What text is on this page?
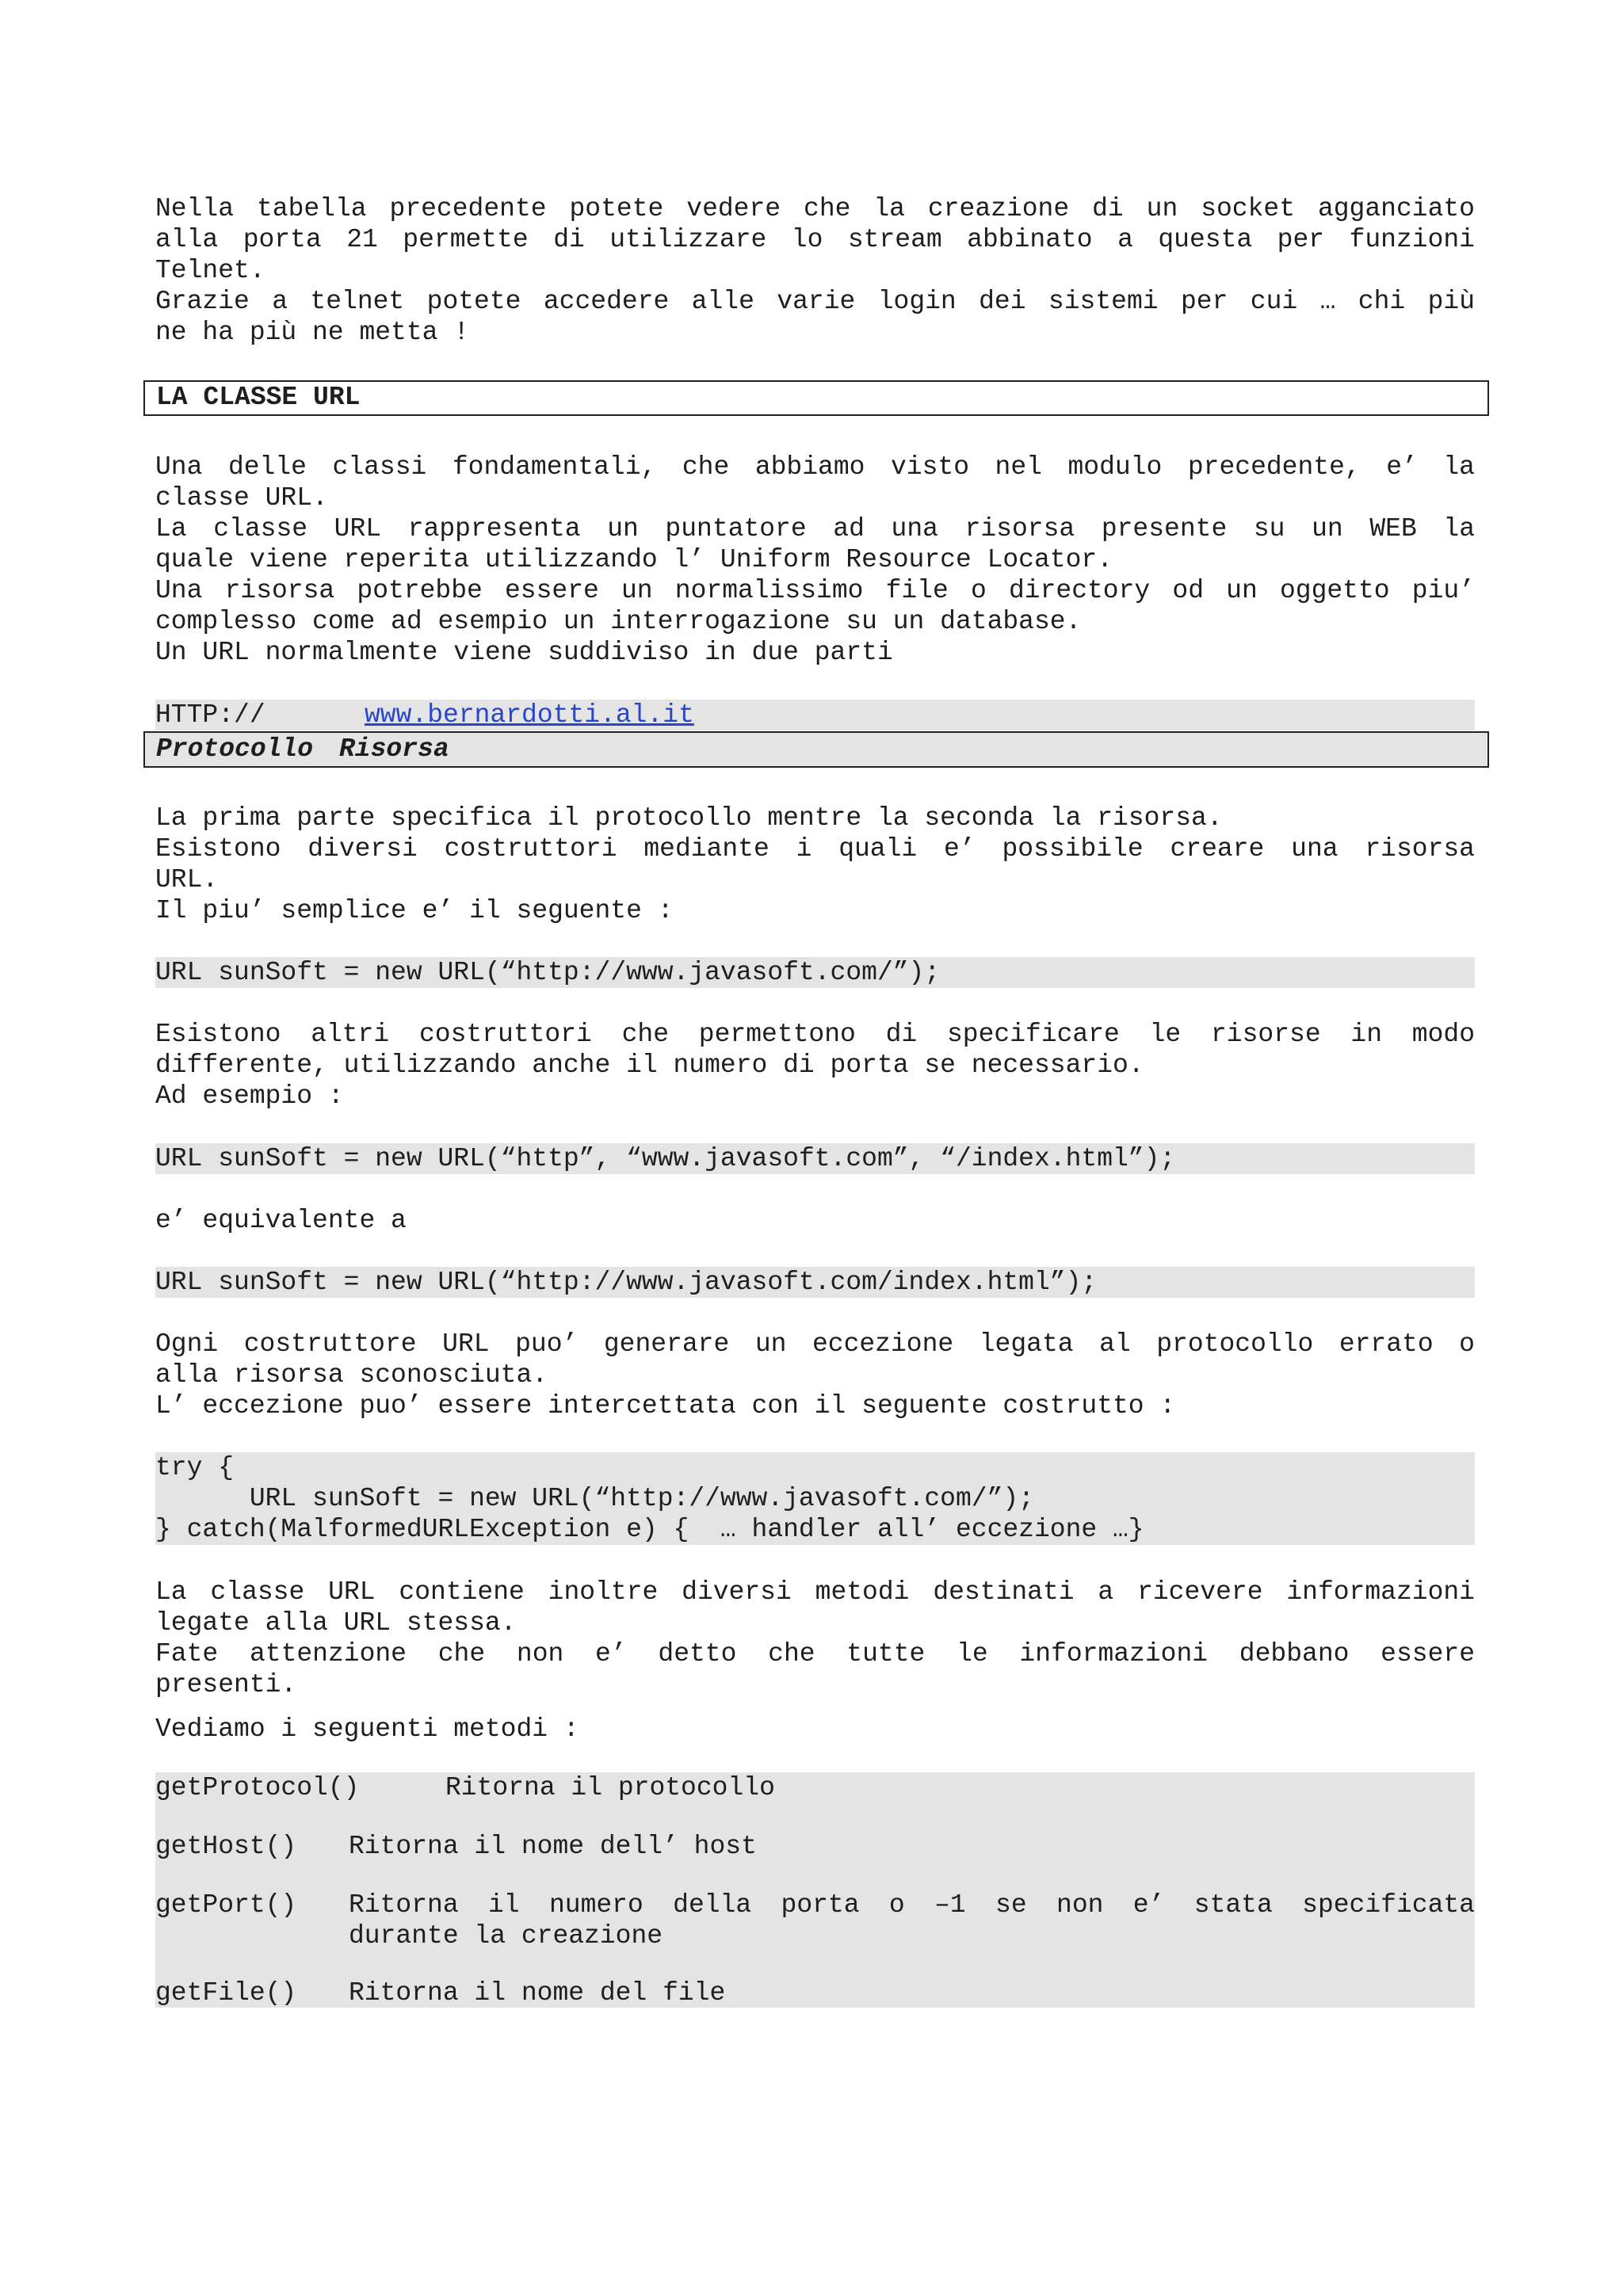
Nella tabella precedente potete vedere che la creazione di un socket agganciato
alla porta 21 permette di utilizzare lo stream abbinato a questa per funzioni
Telnet.
Grazie a telnet potete accedere alle varie login dei sistemi per cui … chi più
ne ha più ne metta !
LA CLASSE URL
Una delle classi fondamentali, che abbiamo visto nel modulo precedente, e’ la
classe URL.
La classe URL rappresenta un puntatore ad una risorsa presente su un WEB la
quale viene reperita utilizzando l’ Uniform Resource Locator.
Una risorsa potrebbe essere un normalissimo file o directory od un oggetto piu’
complesso come ad esempio un interrogazione su un database.
Un URL normalmente viene suddiviso in due parti
HTTP://	www.bernardotti.al.it
Protocollo Risorsa
La prima parte specifica il protocollo mentre la seconda la risorsa.
Esistono diversi costruttori mediante i quali e’ possibile creare una risorsa
URL.
Il piu’ semplice e’ il seguente :
URL sunSoft = new URL(“http://www.javasoft.com/”);
Esistono altri costruttori che permettono di specificare le risorse in modo
differente, utilizzando anche il numero di porta se necessario.
Ad esempio :
URL sunSoft = new URL(“http”, “www.javasoft.com”, “/index.html”);
e’ equivalente a
URL sunSoft = new URL(“http://www.javasoft.com/index.html”);
Ogni costruttore URL puo’ generare un eccezione legata al protocollo errato o
alla risorsa sconosciuta.
L’ eccezione puo’ essere intercettata con il seguente costrutto :
try {
URL sunSoft = new URL(“http://www.javasoft.com/”);
} catch(MalformedURLException e) {  … handler all’ eccezione …}
La classe URL contiene inoltre diversi metodi destinati a ricevere informazioni
legate alla URL stessa.
Fate attenzione che non e’ detto che tutte le informazioni debbano essere
presenti.
Vediamo i seguenti metodi :
getProtocol()	Ritorna il protocollo
getHost() Ritorna il nome dell’ host
getPort() Ritorna il numero della porta o –1 se non e’ stata specificata
durante la creazione
getFile() Ritorna il nome del file
